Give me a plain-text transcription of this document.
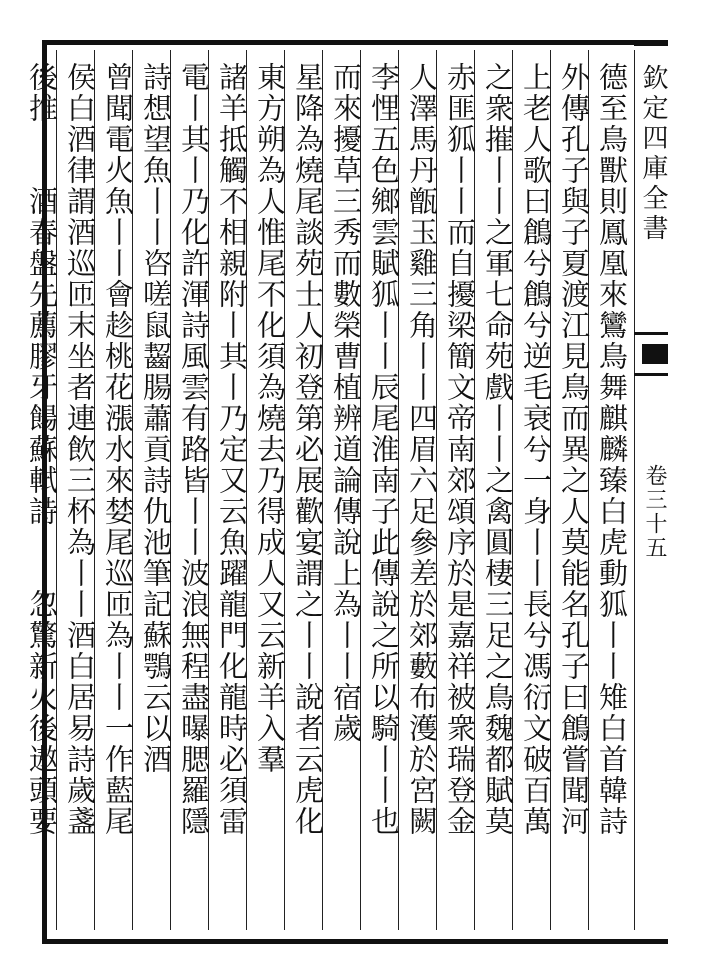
德至鳥獸則鳳凰來鸞鳥舞麒麟臻白虎動狐丨丨雉白首韓詩
外傳孔子與子夏渡江見鳥而異之人莫能名孔子曰鶬嘗聞河
上老人歌曰鶬兮鶬兮逆毛衰兮一身丨丨長兮馮衍文破百萬
之衆摧丨丨之軍七命苑戲丨丨之禽圓棲三足之鳥魏都賦莫
赤匪狐丨丨而自擾梁簡文帝南郊頌序於是嘉祥被衆瑞登金
人澤馬丹甑玉雞三角丨丨四眉六足參差於郊藪布濩於宮闕
李悝五色鄉雲賦狐丨丨辰尾淮南子此傳說之所以騎丨丨也
而來擾草三秀而數榮曹植辨道論傳說上為丨丨宿歲
星降為燒尾談苑士人初登第必展歡宴謂之丨丨說者云虎化
東方朔為人惟尾不化須為燒去乃得成人又云新羊入羣
諸羊抵觸不相親附丨其丨乃定又云魚躍龍門化龍時必須雷
電丨其丨乃化許渾詩風雲有路皆丨丨波浪無程盡曝腮羅隱
詩想望魚丨丨咨嗟鼠齧腸蕭貢詩仇池筆記蘇鶚云以酒
曾聞電火魚丨丨會趁桃花漲水來婪尾巡匝為丨丨一作藍尾
侯白酒律謂酒巡匝末坐者連飲三杯為丨丨酒白居易詩歲盞
後推丨丨酒春盤先薦膠牙餳蘇軾詩丨丨忽驚新火後遨頭要	欽定四庫全書
卷三十五
